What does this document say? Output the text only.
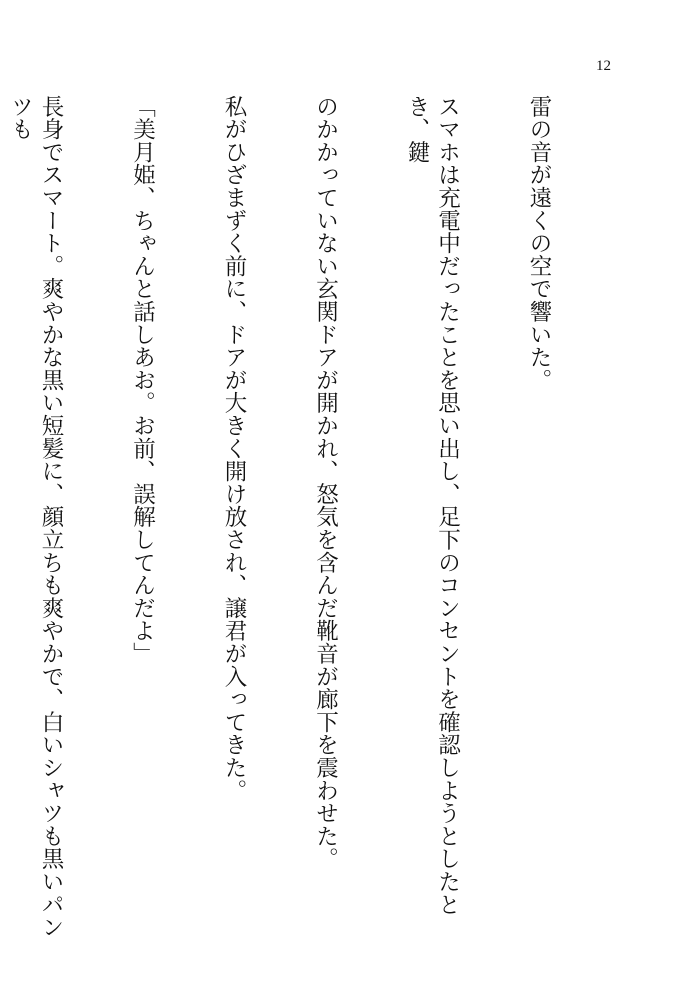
12

雷の音が遠くの空で響いた。

スマホは充電中だったことを思い出し、足下のコンセントを確認しようとしたとき、鍵

のかかっていない玄関ドアが開かれ、怒気を含んだ靴音が廊下を震わせた。

私がひざまずく前に、ドアが大きく開け放され、譲君が入ってきた。

「美月姫、ちゃんと話しあお。お前、誤解してんだよ」

長身でスマート。爽やかな黒い短髪に、顔立ちも爽やかで、白いシャツも黒いパンツも
